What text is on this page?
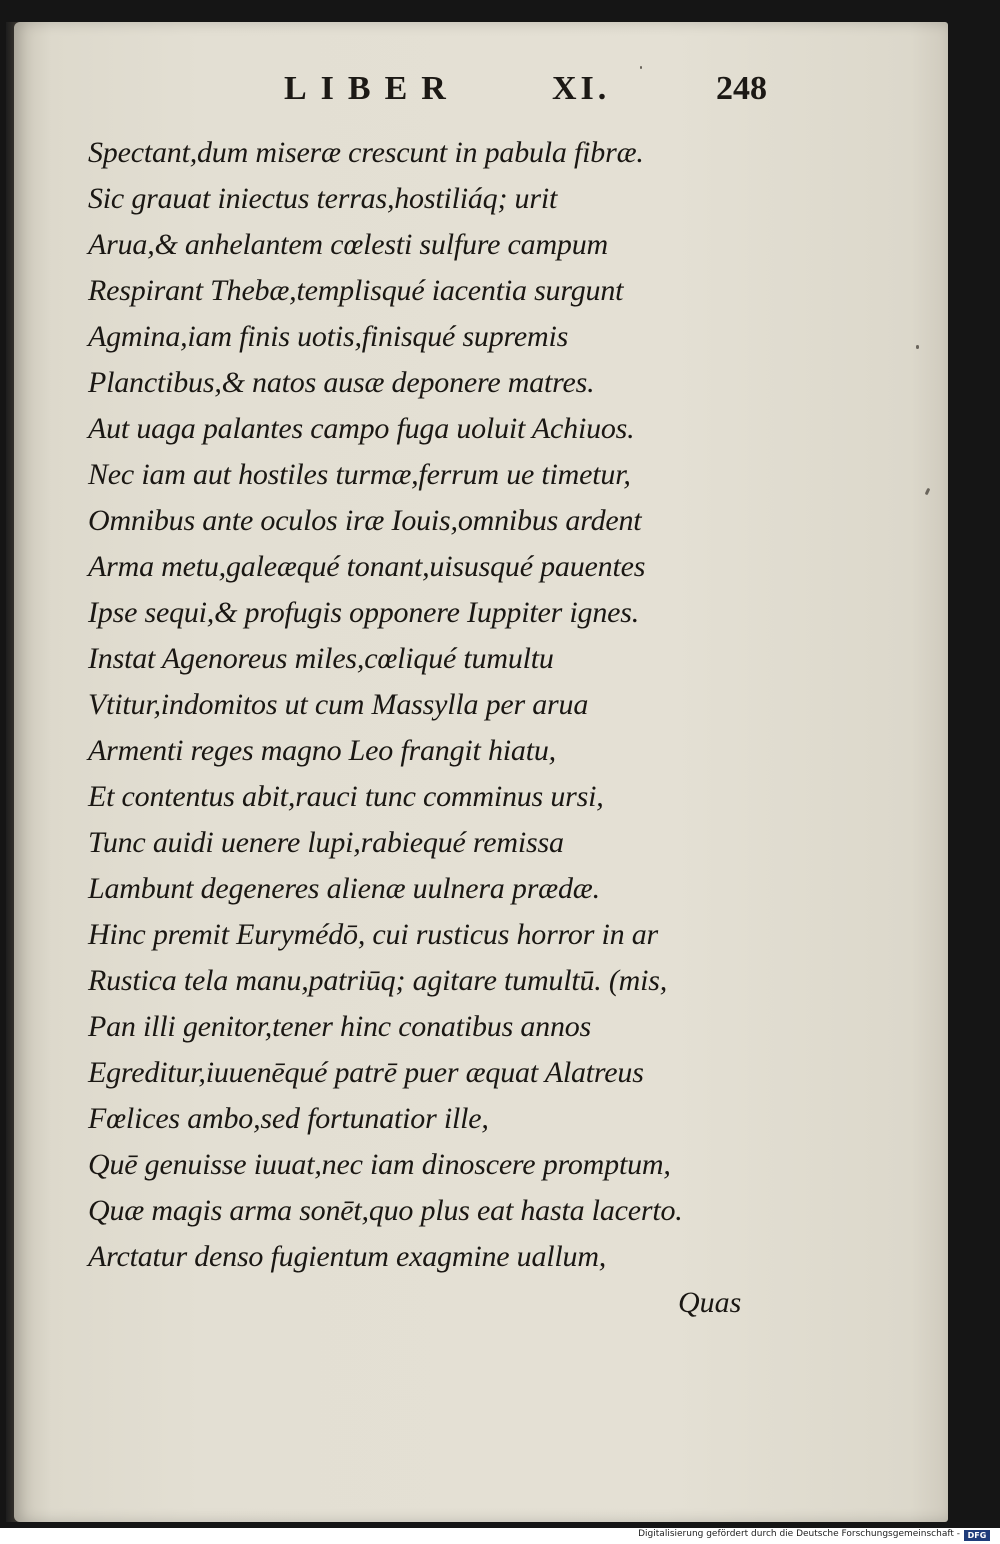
LIBER	XI.	248
Spectant,dum miseræ crescunt in pabula fibræ.
Sic grauat iniectus terras,hostiliáq; urit
Arua,& anhelantem cœlesti sulfure campum
Respirant Thebæ,templisqué iacentia surgunt
Agmina,iam finis uotis,finisqué supremis
Planctibus,& natos ausæ deponere matres.
Aut uaga palantes campo fuga uoluit Achiuos.
Nec iam aut hostiles turmæ,ferrum ue timetur,
Omnibus ante oculos iræ Iouis,omnibus ardent
Arma metu,galeæqué tonant,uisusqué pauentes
Ipse sequi,& profugis opponere Iuppiter ignes.
Instat Agenoreus miles,cœliqué tumultu
Vtitur,indomitos ut cum Massylla per arua
Armenti reges magno Leo frangit hiatu,
Et contentus abit,rauci tunc comminus ursi,
Tunc auidi uenere lupi,rabiequé remissa
Lambunt degeneres alienæ uulnera prædæ.
Hinc premit Eurymédō, cui rusticus horror in ar
Rustica tela manu,patriūq; agitare tumultū. (mis,
Pan illi genitor,tener hinc conatibus annos
Egreditur,iuuenēqué patrē puer æquat Alatreus
Fœlices ambo,sed fortunatior ille,
Quē genuisse iuuat,nec iam dinoscere promptum,
Quæ magis arma sonēt,quo plus eat hasta lacerto.
Arctatur denso fugientum exagmine uallum,
Quas
Digitalisierung gefördert durch die Deutsche Forschungsgemeinschaft - DFG
